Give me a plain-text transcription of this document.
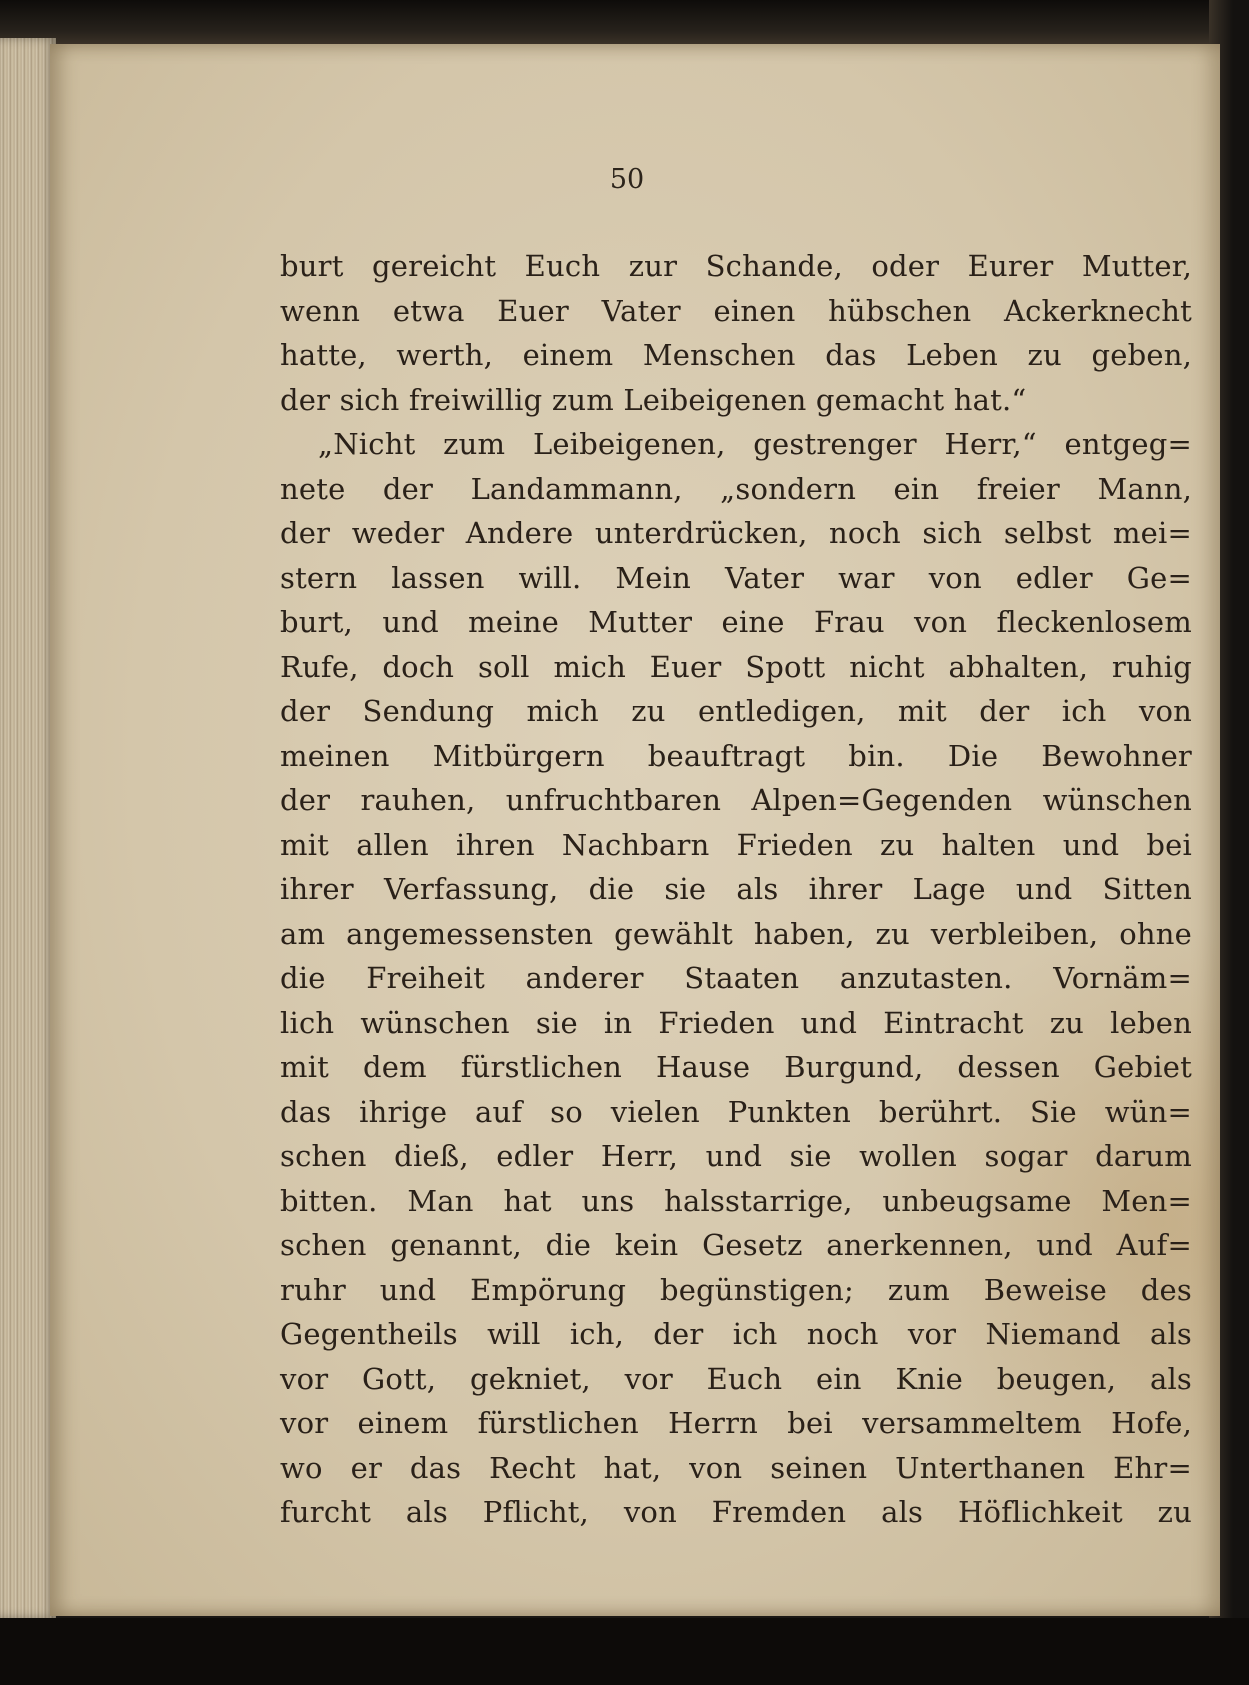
50
burt gereicht Euch zur Schande, oder Eurer Mutter,
wenn etwa Euer Vater einen hübschen Ackerknecht
hatte, werth, einem Menschen das Leben zu geben,
der sich freiwillig zum Leibeigenen gemacht hat.“
„Nicht zum Leibeigenen, gestrenger Herr,“ entgeg=
nete der Landammann, „sondern ein freier Mann,
der weder Andere unterdrücken, noch sich selbst mei=
stern lassen will. Mein Vater war von edler Ge=
burt, und meine Mutter eine Frau von fleckenlosem
Rufe, doch soll mich Euer Spott nicht abhalten, ruhig
der Sendung mich zu entledigen, mit der ich von
meinen Mitbürgern beauftragt bin. Die Bewohner
der rauhen, unfruchtbaren Alpen=Gegenden wünschen
mit allen ihren Nachbarn Frieden zu halten und bei
ihrer Verfassung, die sie als ihrer Lage und Sitten
am angemessensten gewählt haben, zu verbleiben, ohne
die Freiheit anderer Staaten anzutasten. Vornäm=
lich wünschen sie in Frieden und Eintracht zu leben
mit dem fürstlichen Hause Burgund, dessen Gebiet
das ihrige auf so vielen Punkten berührt. Sie wün=
schen dieß, edler Herr, und sie wollen sogar darum
bitten. Man hat uns halsstarrige, unbeugsame Men=
schen genannt, die kein Gesetz anerkennen, und Auf=
ruhr und Empörung begünstigen; zum Beweise des
Gegentheils will ich, der ich noch vor Niemand als
vor Gott, gekniet, vor Euch ein Knie beugen, als
vor einem fürstlichen Herrn bei versammeltem Hofe,
wo er das Recht hat, von seinen Unterthanen Ehr=
furcht als Pflicht, von Fremden als Höflichkeit zu
